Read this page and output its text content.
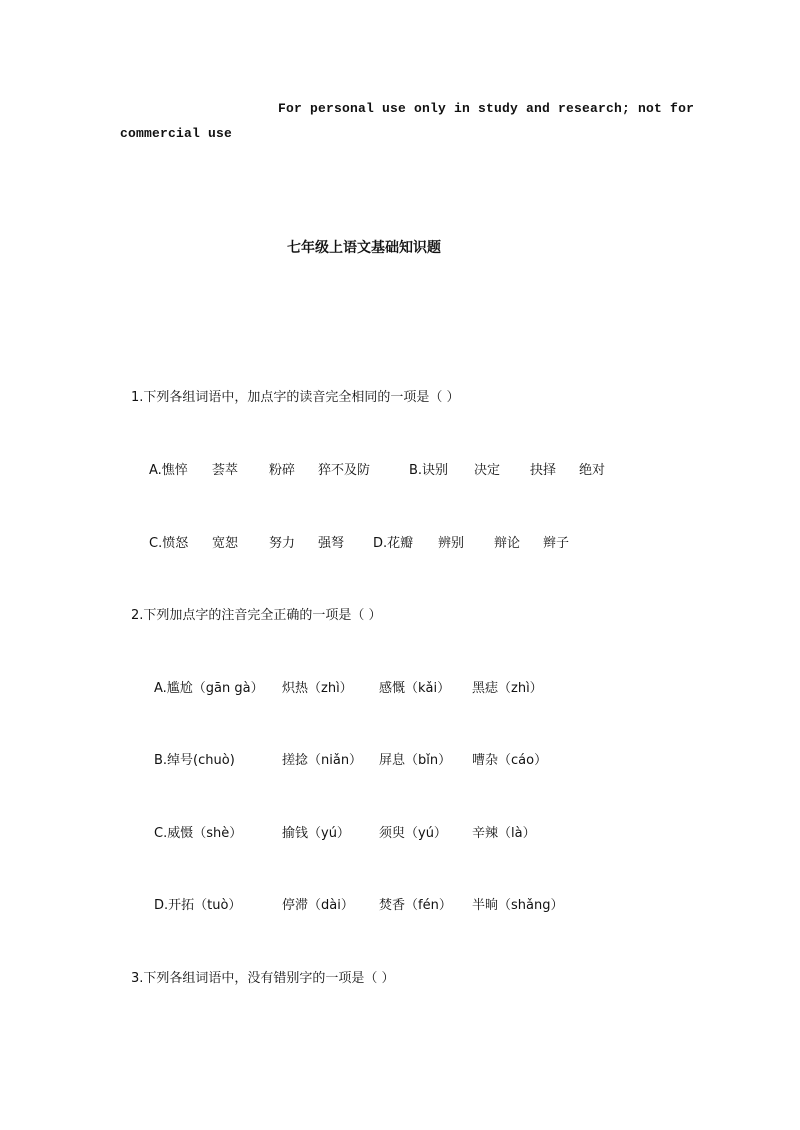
For personal use only in study and research; not for
commercial use
七年级上语文基础知识题
1.下列各组词语中，加点字的读音完全相同的一项是（ ）
A.憔悴 荟萃 粉碎 猝不及防	B.诀别 决定 抉择 绝对
C.愤怒 宽恕 努力 强弩 D.花瓣 辨别 辩论 辫子
2.下列加点字的注音完全正确的一项是（ ）
A.尴尬（gān gà） 炽热（zhì） 感慨（kǎi） 黑痣（zhì）
B.绰号(chuò)	搓捻（niǎn） 屏息（bǐn） 嘈杂（cáo）
C.威慑（shè）	揄钱（yú） 须臾（yú） 辛辣（là）
D.开拓（tuò）	停滞（dài） 焚香（fén） 半晌（shǎng）
3.下列各组词语中，没有错别字的一项是（ ）
